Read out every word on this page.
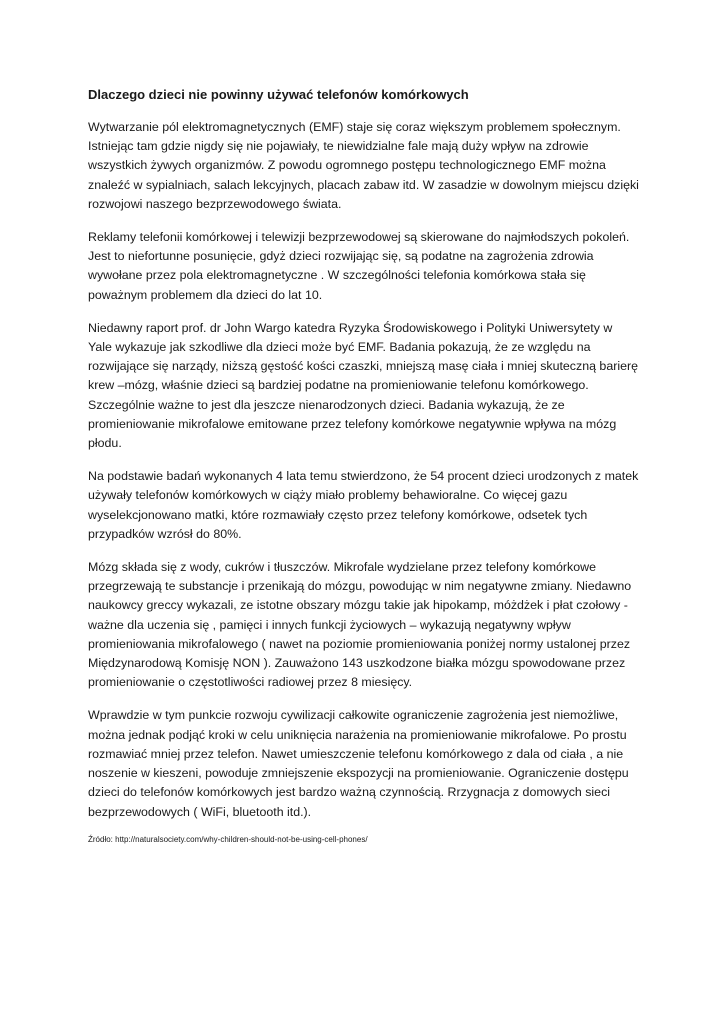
Dlaczego dzieci nie powinny używać telefonów komórkowych
Wytwarzanie pól elektromagnetycznych (EMF) staje się coraz większym problemem społecznym.
Istniejąc tam gdzie nigdy się nie pojawiały, te niewidzialne fale mają duży wpływ na zdrowie
wszystkich żywych organizmów. Z powodu ogromnego postępu technologicznego EMF można
znaleźć w sypialniach, salach lekcyjnych, placach zabaw itd. W zasadzie w dowolnym miejscu dzięki
rozwojowi naszego bezprzewodowego świata.
Reklamy telefonii komórkowej i telewizji bezprzewodowej są skierowane do najmłodszych pokoleń.
Jest to niefortunne posunięcie, gdyż dzieci rozwijając się, są podatne na zagrożenia zdrowia
wywołane przez pola elektromagnetyczne . W szczególności telefonia komórkowa stała się
poważnym problemem dla dzieci do lat 10.
Niedawny raport prof. dr John Wargo katedra Ryzyka Środowiskowego i Polityki Uniwersytety w
Yale wykazuje jak szkodliwe dla dzieci może być EMF. Badania pokazują, że ze względu na
rozwijające się narządy, niższą gęstość kości czaszki, mniejszą masę ciała i mniej skuteczną barierę
krew –mózg, właśnie dzieci są bardziej podatne na promieniowanie telefonu komórkowego.
Szczególnie ważne to jest dla jeszcze nienarodzonych dzieci. Badania wykazują, że ze
promieniowanie mikrofalowe emitowane przez telefony komórkowe negatywnie wpływa na mózg
płodu.
Na podstawie badań wykonanych 4 lata temu stwierdzono, że 54 procent dzieci urodzonych z matek
używały telefonów komórkowych w ciąży miało problemy behawioralne. Co więcej gazu
wyselekcjonowano matki, które rozmawiały często przez telefony komórkowe, odsetek tych
przypadków wzrósł do 80%.
Mózg składa się z wody, cukrów i tłuszczów. Mikrofale wydzielane przez telefony komórkowe
przegrzewają te substancje i przenikają do mózgu, powodując w nim negatywne zmiany. Niedawno
naukowcy greccy wykazali, ze istotne obszary mózgu takie jak hipokamp, móżdżek i płat czołowy -
ważne dla uczenia się , pamięci i innych funkcji życiowych – wykazują negatywny wpływ
promieniowania mikrofalowego ( nawet na poziomie promieniowania poniżej normy ustalonej przez
Międzynarodową Komisję NON ). Zauważono 143 uszkodzone białka mózgu spowodowane przez
promieniowanie o częstotliwości radiowej przez 8 miesięcy.
Wprawdzie w tym punkcie rozwoju cywilizacji całkowite ograniczenie zagrożenia jest niemożliwe,
można jednak podjąć kroki w celu uniknięcia narażenia na promieniowanie mikrofalowe. Po prostu
rozmawiać mniej przez telefon. Nawet umieszczenie telefonu komórkowego z dala od ciała , a nie
noszenie w kieszeni, powoduje zmniejszenie ekspozycji na promieniowanie. Ograniczenie dostępu
dzieci do telefonów komórkowych jest bardzo ważną czynnością. Rrzygnacja z domowych sieci
bezprzewodowych ( WiFi, bluetooth itd.).
Źródło: http://naturalsociety.com/why-children-should-not-be-using-cell-phones/
